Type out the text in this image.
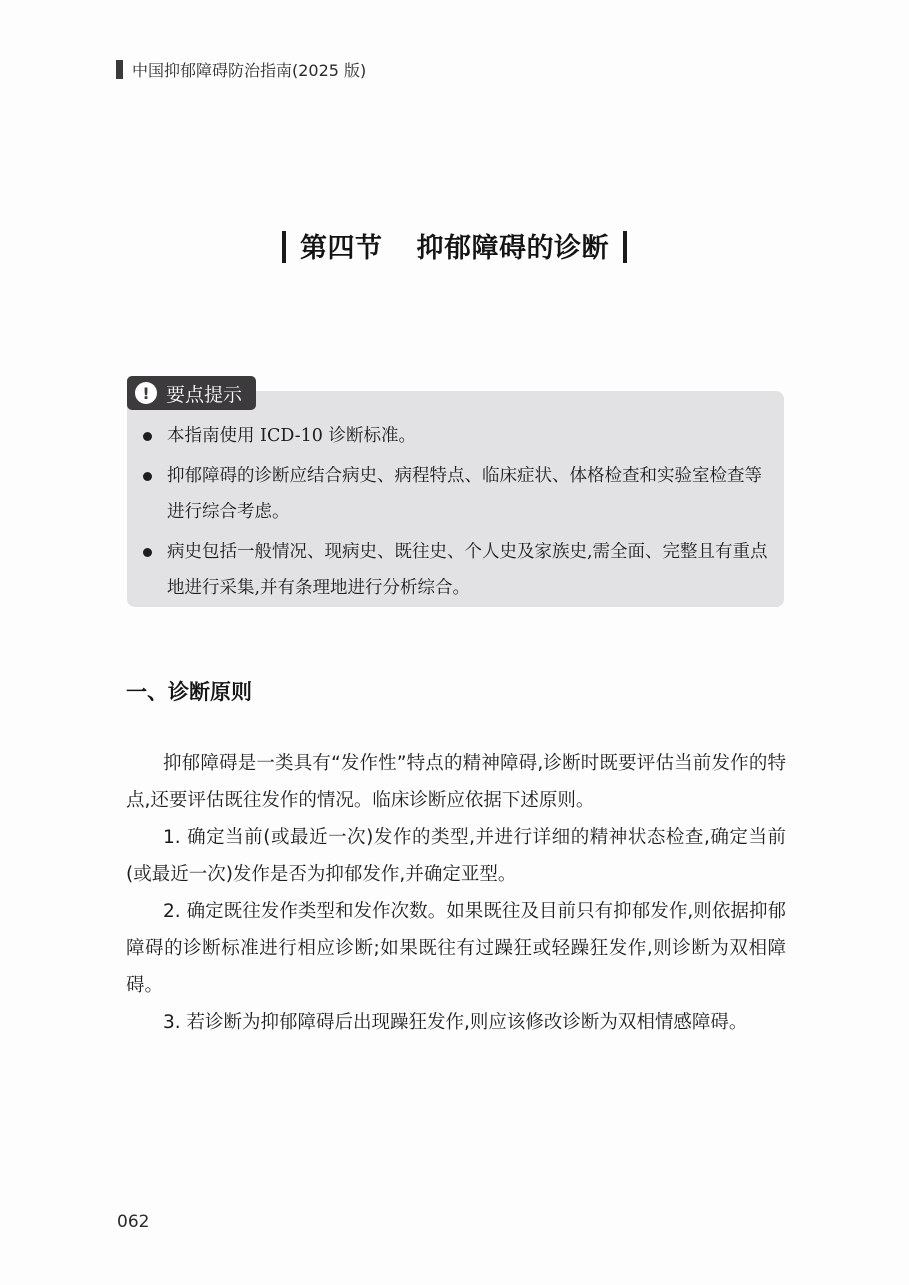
中国抑郁障碍防治指南(2025 版)
第四节 抑郁障碍的诊断
! 要点提示
本指南使用 ICD-10 诊断标准。
抑郁障碍的诊断应结合病史、病程特点、临床症状、体格检查和实验室检查等进行综合考虑。
病史包括一般情况、现病史、既往史、个人史及家族史,需全面、完整且有重点地进行采集,并有条理地进行分析综合。
一、诊断原则

抑郁障碍是一类具有“发作性”特点的精神障碍,诊断时既要评估当前发作的特点,还要评估既往发作的情况。临床诊断应依据下述原则。

1. 确定当前(或最近一次)发作的类型,并进行详细的精神状态检查,确定当前(或最近一次)发作是否为抑郁发作,并确定亚型。

2. 确定既往发作类型和发作次数。如果既往及目前只有抑郁发作,则依据抑郁障碍的诊断标准进行相应诊断;如果既往有过躁狂或轻躁狂发作,则诊断为双相障碍。

3. 若诊断为抑郁障碍后出现躁狂发作,则应该修改诊断为双相情感障碍。

062
